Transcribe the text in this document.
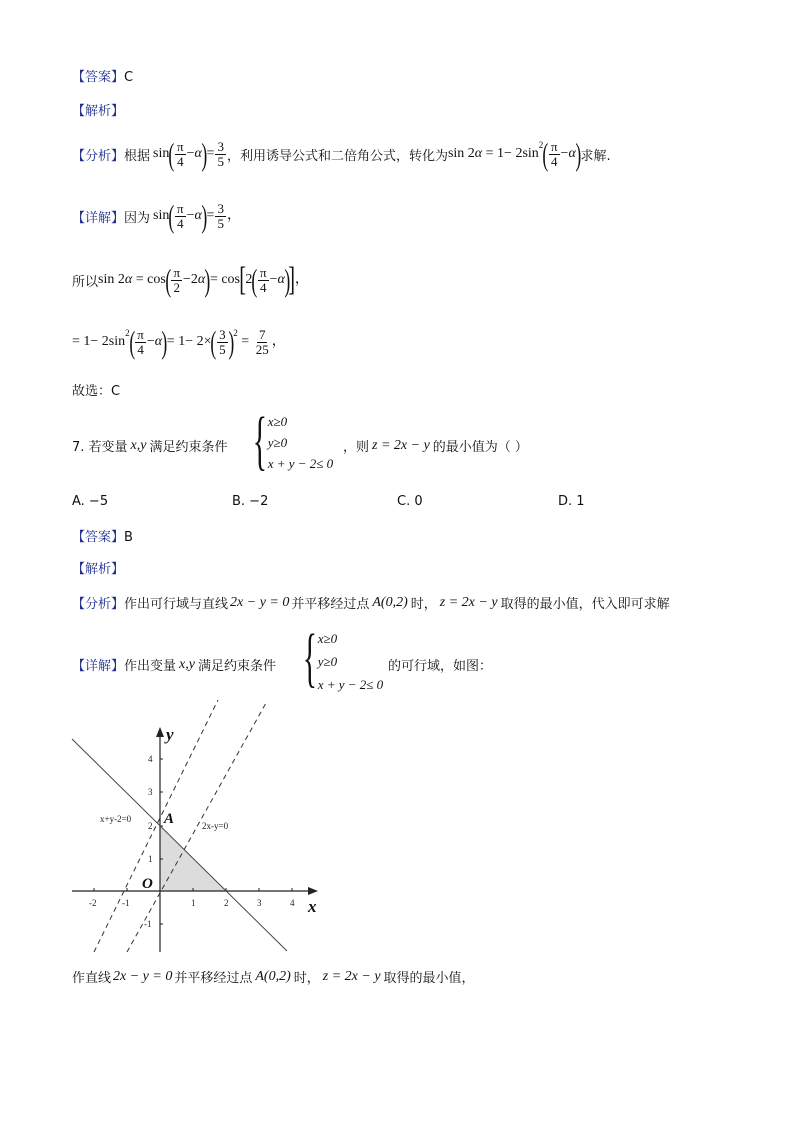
【答案】C
【解析】
【分析】 根据 $\sin( \frac{\pi}{4} -\alpha)= \frac{3}{5}$ ，利用诱导公式和二倍角公式，转化为 $\sin 2\alpha = 1- 2\sin^2( \frac{\pi}{4} -\alpha)$ 求解.
【详解】 因为 $\sin( \frac{\pi}{4} -\alpha)= \frac{3}{5}$ ，
所以 $\sin 2\alpha = \cos( \frac{\pi}{2} -2\alpha)= \cos[2( \frac{\pi}{4} -\alpha)]$，
= $1- 2\sin^2( \frac{\pi}{4} -\alpha)= 1- 2\times( \frac{3}{5} )^2 = \frac{7}{25}$ ，
故选：C
7. 若变量 x,y 满足约束条件 { x≥0
y≥0
x + y − 2≤ 0
，则 z = 2x − y 的最小值为（ ）
A. −5	B. −2	C. 0	D. 1
【答案】B
【解析】
【分析】 作出可行域与直线 2x − y = 0 并平移经过点 A(0,2) 时， z = 2x − y 取得的最小值，代入即可求解
【详解】 作出变量 x,y 满足约束条件 { x≥0
y≥0
x + y − 2≤ 0
的可行域，如图：
-2	-1	1	2	3	4
4
3
2
1
-1
x+y-2=0
2x-y=0
y
x
O
A
作直线 2x − y = 0 并平移经过点 A(0,2) 时， z = 2x − y 取得的最小值，
